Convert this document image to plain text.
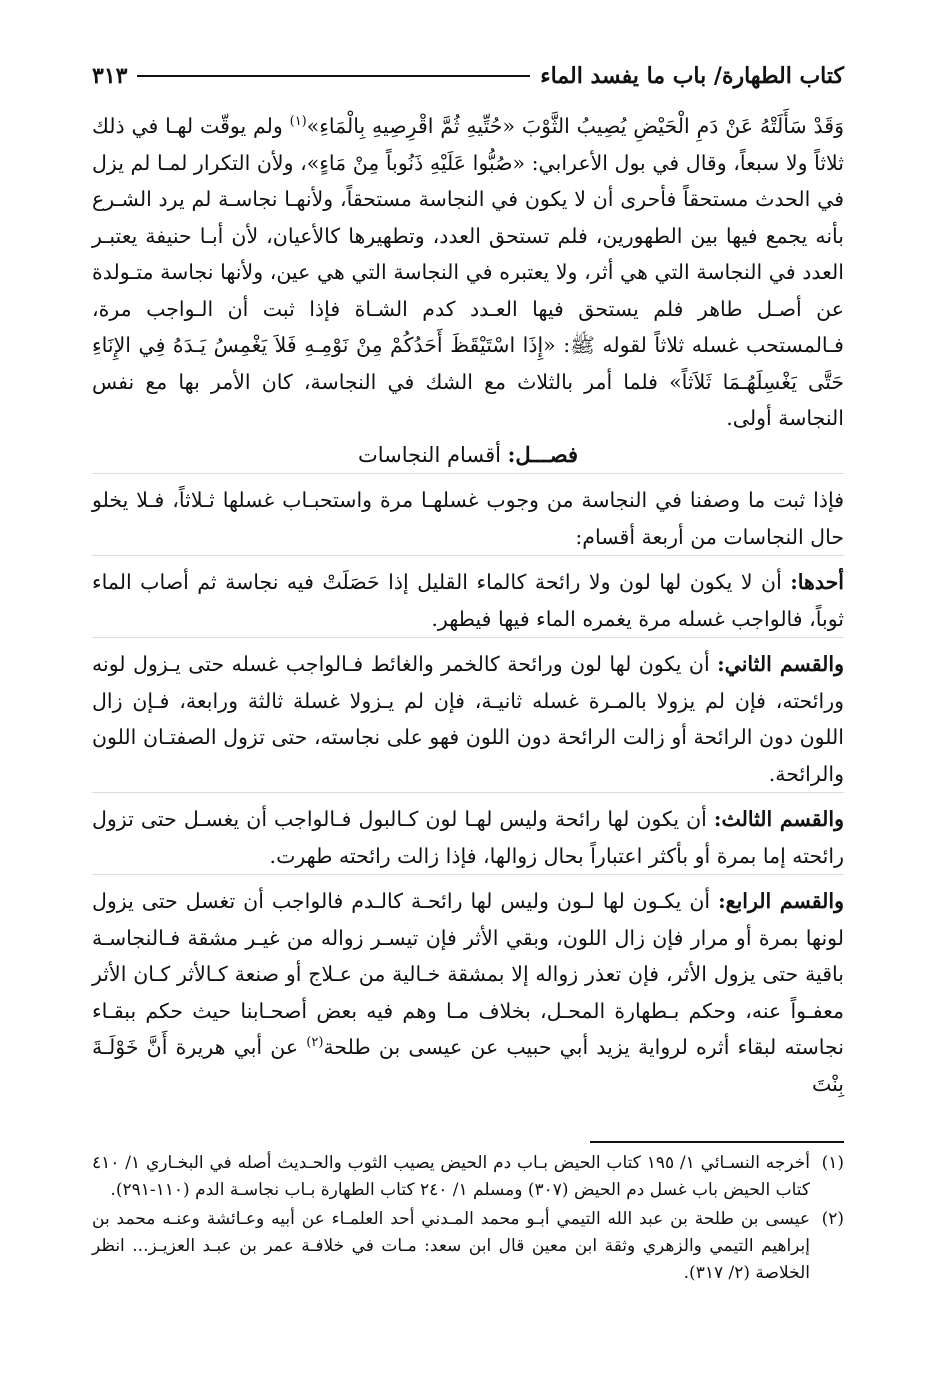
كتاب الطهارة/ باب ما يفسد الماء
٣١٣

وَقَدْ سَأَلَتْهُ عَنْ دَمِ الْحَيْضِ يُصِيبُ الثَّوْبَ «حُتِّيهِ ثُمَّ اقْرِصِيهِ بِالْمَاءِ»$^{(١)}$ ولم يوقّت لهـا في ذلك ثلاثاً ولا سبعاً، وقال في بول الأعرابي: «صُبُّوا عَلَيْهِ ذَنُوباً مِنْ مَاءٍ»، ولأن التكرار لمـا لم يزل في الحدث مستحقاً فأحرى أن لا يكون في النجاسة مستحقاً، ولأنهـا نجاسـة لم يرد الشـرع بأنه يجمع فيها بين الطهورين، فلم تستحق العدد، وتطهيرها كالأعيان، لأن أبـا حنيفة يعتبـر العدد في النجاسة التي هي أثر، ولا يعتبره في النجاسة التي هي عين، ولأنها نجاسة متـولدة عن أصـل طاهر فلم يستحق فيها العـدد كدم الشـاة فإذا ثبت أن الـواجب مرة، فـالمستحب غسله ثلاثاً لقوله ﷺ: «إِذَا اسْتَيْقَظَ أَحَدُكُمْ مِنْ نَوْمِـهِ فَلاَ يَغْمِسُ يَـدَهُ فِي الإِنَاءِ حَتَّى يَغْسِلَهُـمَا ثَلاَثاً» فلما أمر بالثلاث مع الشك في النجاسة، كان الأمر بها مع نفس النجاسة أولى.

فصـــل: أقسام النجاسات

فإذا ثبت ما وصفنا في النجاسة من وجوب غسلهـا مرة واستحبـاب غسلها ثـلاثاً، فـلا يخلو حال النجاسات من أربعة أقسام:

أحدها: أن لا يكون لها لون ولا رائحة كالماء القليل إذا حَصَلَتْ فيه نجاسة ثم أصاب الماء ثوباً، فالواجب غسله مرة يغمره الماء فيها فيطهر.

والقسم الثاني: أن يكون لها لون ورائحة كالخمر والغائط فـالواجب غسله حتى يـزول لونه ورائحته، فإن لم يزولا بالمـرة غسله ثانيـة، فإن لم يـزولا غسلة ثالثة ورابعة، فـإن زال اللون دون الرائحة أو زالت الرائحة دون اللون فهو على نجاسته، حتى تزول الصفتـان اللون والرائحة.

والقسم الثالث: أن يكون لها رائحة وليس لهـا لون كـالبول فـالواجب أن يغسـل حتى تزول رائحته إما بمرة أو بأكثر اعتباراً بحال زوالها، فإذا زالت رائحته طهرت.

والقسم الرابع: أن يكـون لها لـون وليس لها رائحـة كالـدم فالواجب أن تغسل حتى يزول لونها بمرة أو مرار فإن زال اللون، وبقي الأثر فإن تيسـر زواله من غيـر مشقة فـالنجاسـة باقية حتى يزول الأثر، فإن تعذر زواله إلا بمشقة خـالية من عـلاج أو صنعة كـالأثر كـان الأثر معفـواً عنه، وحكم بـطهارة المحـل، بخلاف مـا وهم فيه بعض أصحـابنا حيث حكم ببقـاء نجاسته لبقاء أثره لرواية يزيد أبي حبيب عن عيسى بن طلحة$^{(٢)}$ عن أبي هريرة أَنَّ خَوْلَـةَ بِنْتَ

(١)
أخرجه النسـائي ١/ ١٩٥ كتاب الحيض بـاب دم الحيض يصيب الثوب والحـديث أصله في البخـاري ١/ ٤١٠ كتاب الحيض باب غسل دم الحيض (٣٠٧) ومسلم ١/ ٢٤٠ كتاب الطهارة بـاب نجاسـة الدم (١١٠-٢٩١).
(٢)
عيسى بن طلحة بن عبد الله التيمي أبـو محمد المـدني أحد العلمـاء عن أبيه وعـائشة وعنـه محمد بن إبراهيم التيمي والزهري وثقة ابن معين قال ابن سعد: مـات في خلافـة عمر بن عبـد العزيـز... انظر الخلاصة (٢/ ٣١٧).
